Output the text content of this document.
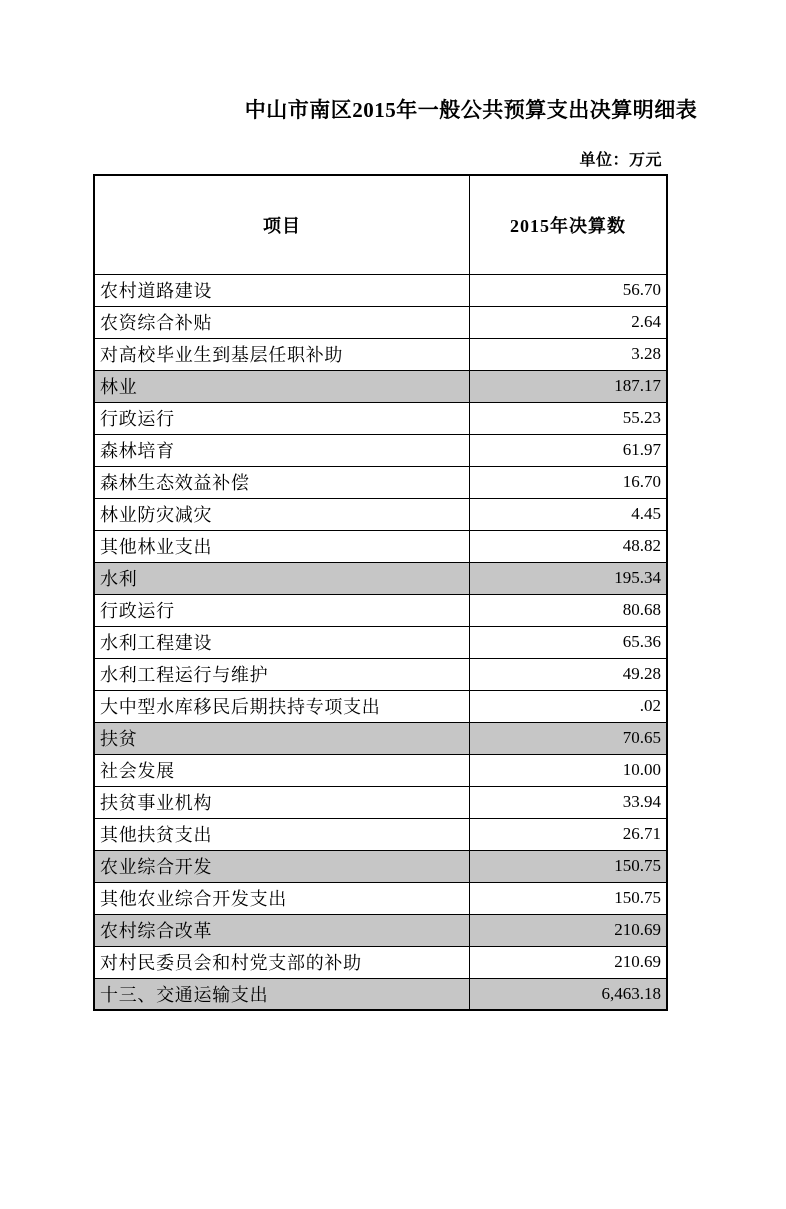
中山市南区2015年一般公共预算支出决算明细表
单位：万元
项目	2015年决算数
农村道路建设	56.70
农资综合补贴	2.64
对高校毕业生到基层任职补助	3.28
林业	187.17
行政运行	55.23
森林培育	61.97
森林生态效益补偿	16.70
林业防灾减灾	4.45
其他林业支出	48.82
水利	195.34
行政运行	80.68
水利工程建设	65.36
水利工程运行与维护	49.28
大中型水库移民后期扶持专项支出	.02
扶贫	70.65
社会发展	10.00
扶贫事业机构	33.94
其他扶贫支出	26.71
农业综合开发	150.75
其他农业综合开发支出	150.75
农村综合改革	210.69
对村民委员会和村党支部的补助	210.69
十三、交通运输支出	6,463.18
